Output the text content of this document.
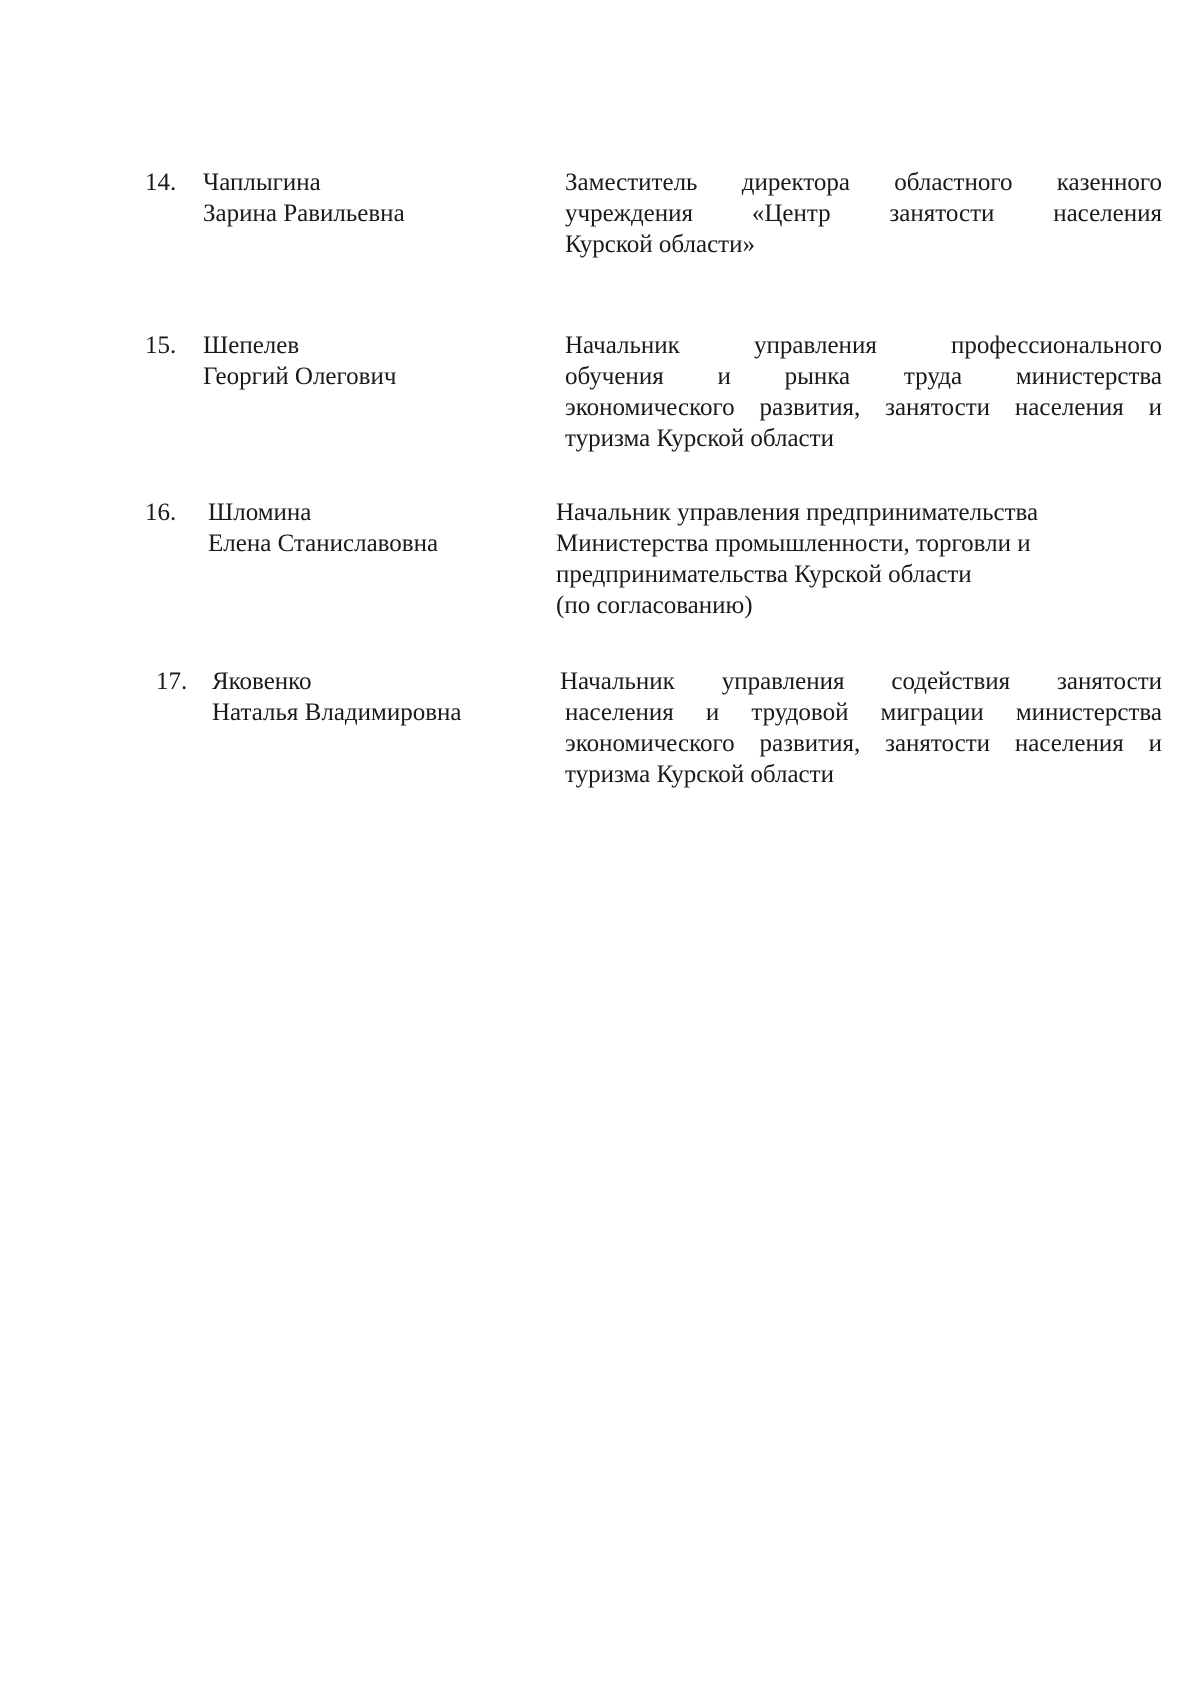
14. Чаплыгина
Зарина Равильевна
Заместитель директора областного казенного
учреждения «Центр занятости населения
Курской области»
15. Шепелев
Георгий Олегович
Начальник управления профессионального
обучения и рынка труда министерства
экономического развития, занятости населения и
туризма Курской области
16. Шломина
Елена Станиславовна
Начальник управления предпринимательства
Министерства промышленности, торговли и
предпринимательства Курской области
(по согласованию)
17. Яковенко
Наталья Владимировна
Начальник управления содействия занятости
населения и трудовой миграции министерства
экономического развития, занятости населения и
туризма Курской области
